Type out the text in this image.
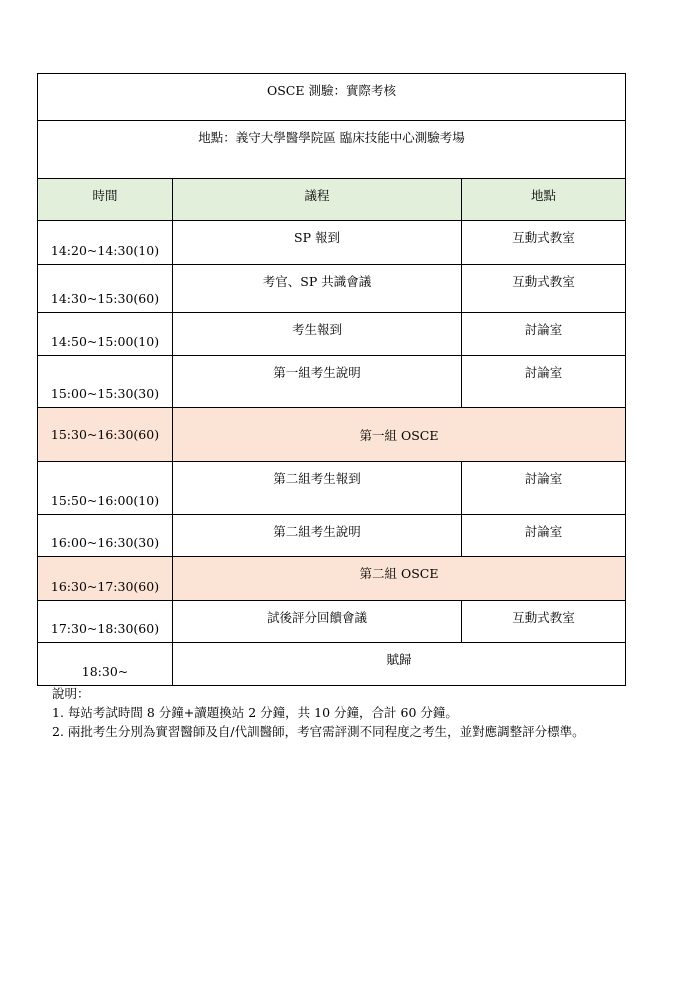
OSCE 測驗：實際考核		
地點：義守大學醫學院區 臨床技能中心測驗考場		
時間	議程	地點
14:20~14:30(10)	SP 報到	互動式教室
14:30~15:30(60)	考官、SP 共識會議	互動式教室
14:50~15:00(10)	考生報到	討論室
15:00~15:30(30)	第一組考生說明	討論室
15:30~16:30(60)	第一組 OSCE	
15:50~16:00(10)	第二組考生報到	討論室
16:00~16:30(30)	第二組考生說明	討論室
16:30~17:30(60)	第二組 OSCE	
17:30~18:30(60)	試後評分回饋會議	互動式教室
18:30~	賦歸	
說明：
1. 每站考試時間 8 分鐘+讀題換站 2 分鐘，共 10 分鐘，合計 60 分鐘。
2. 兩批考生分別為實習醫師及自/代訓醫師，考官需評測不同程度之考生，並對應調整評分標準。
